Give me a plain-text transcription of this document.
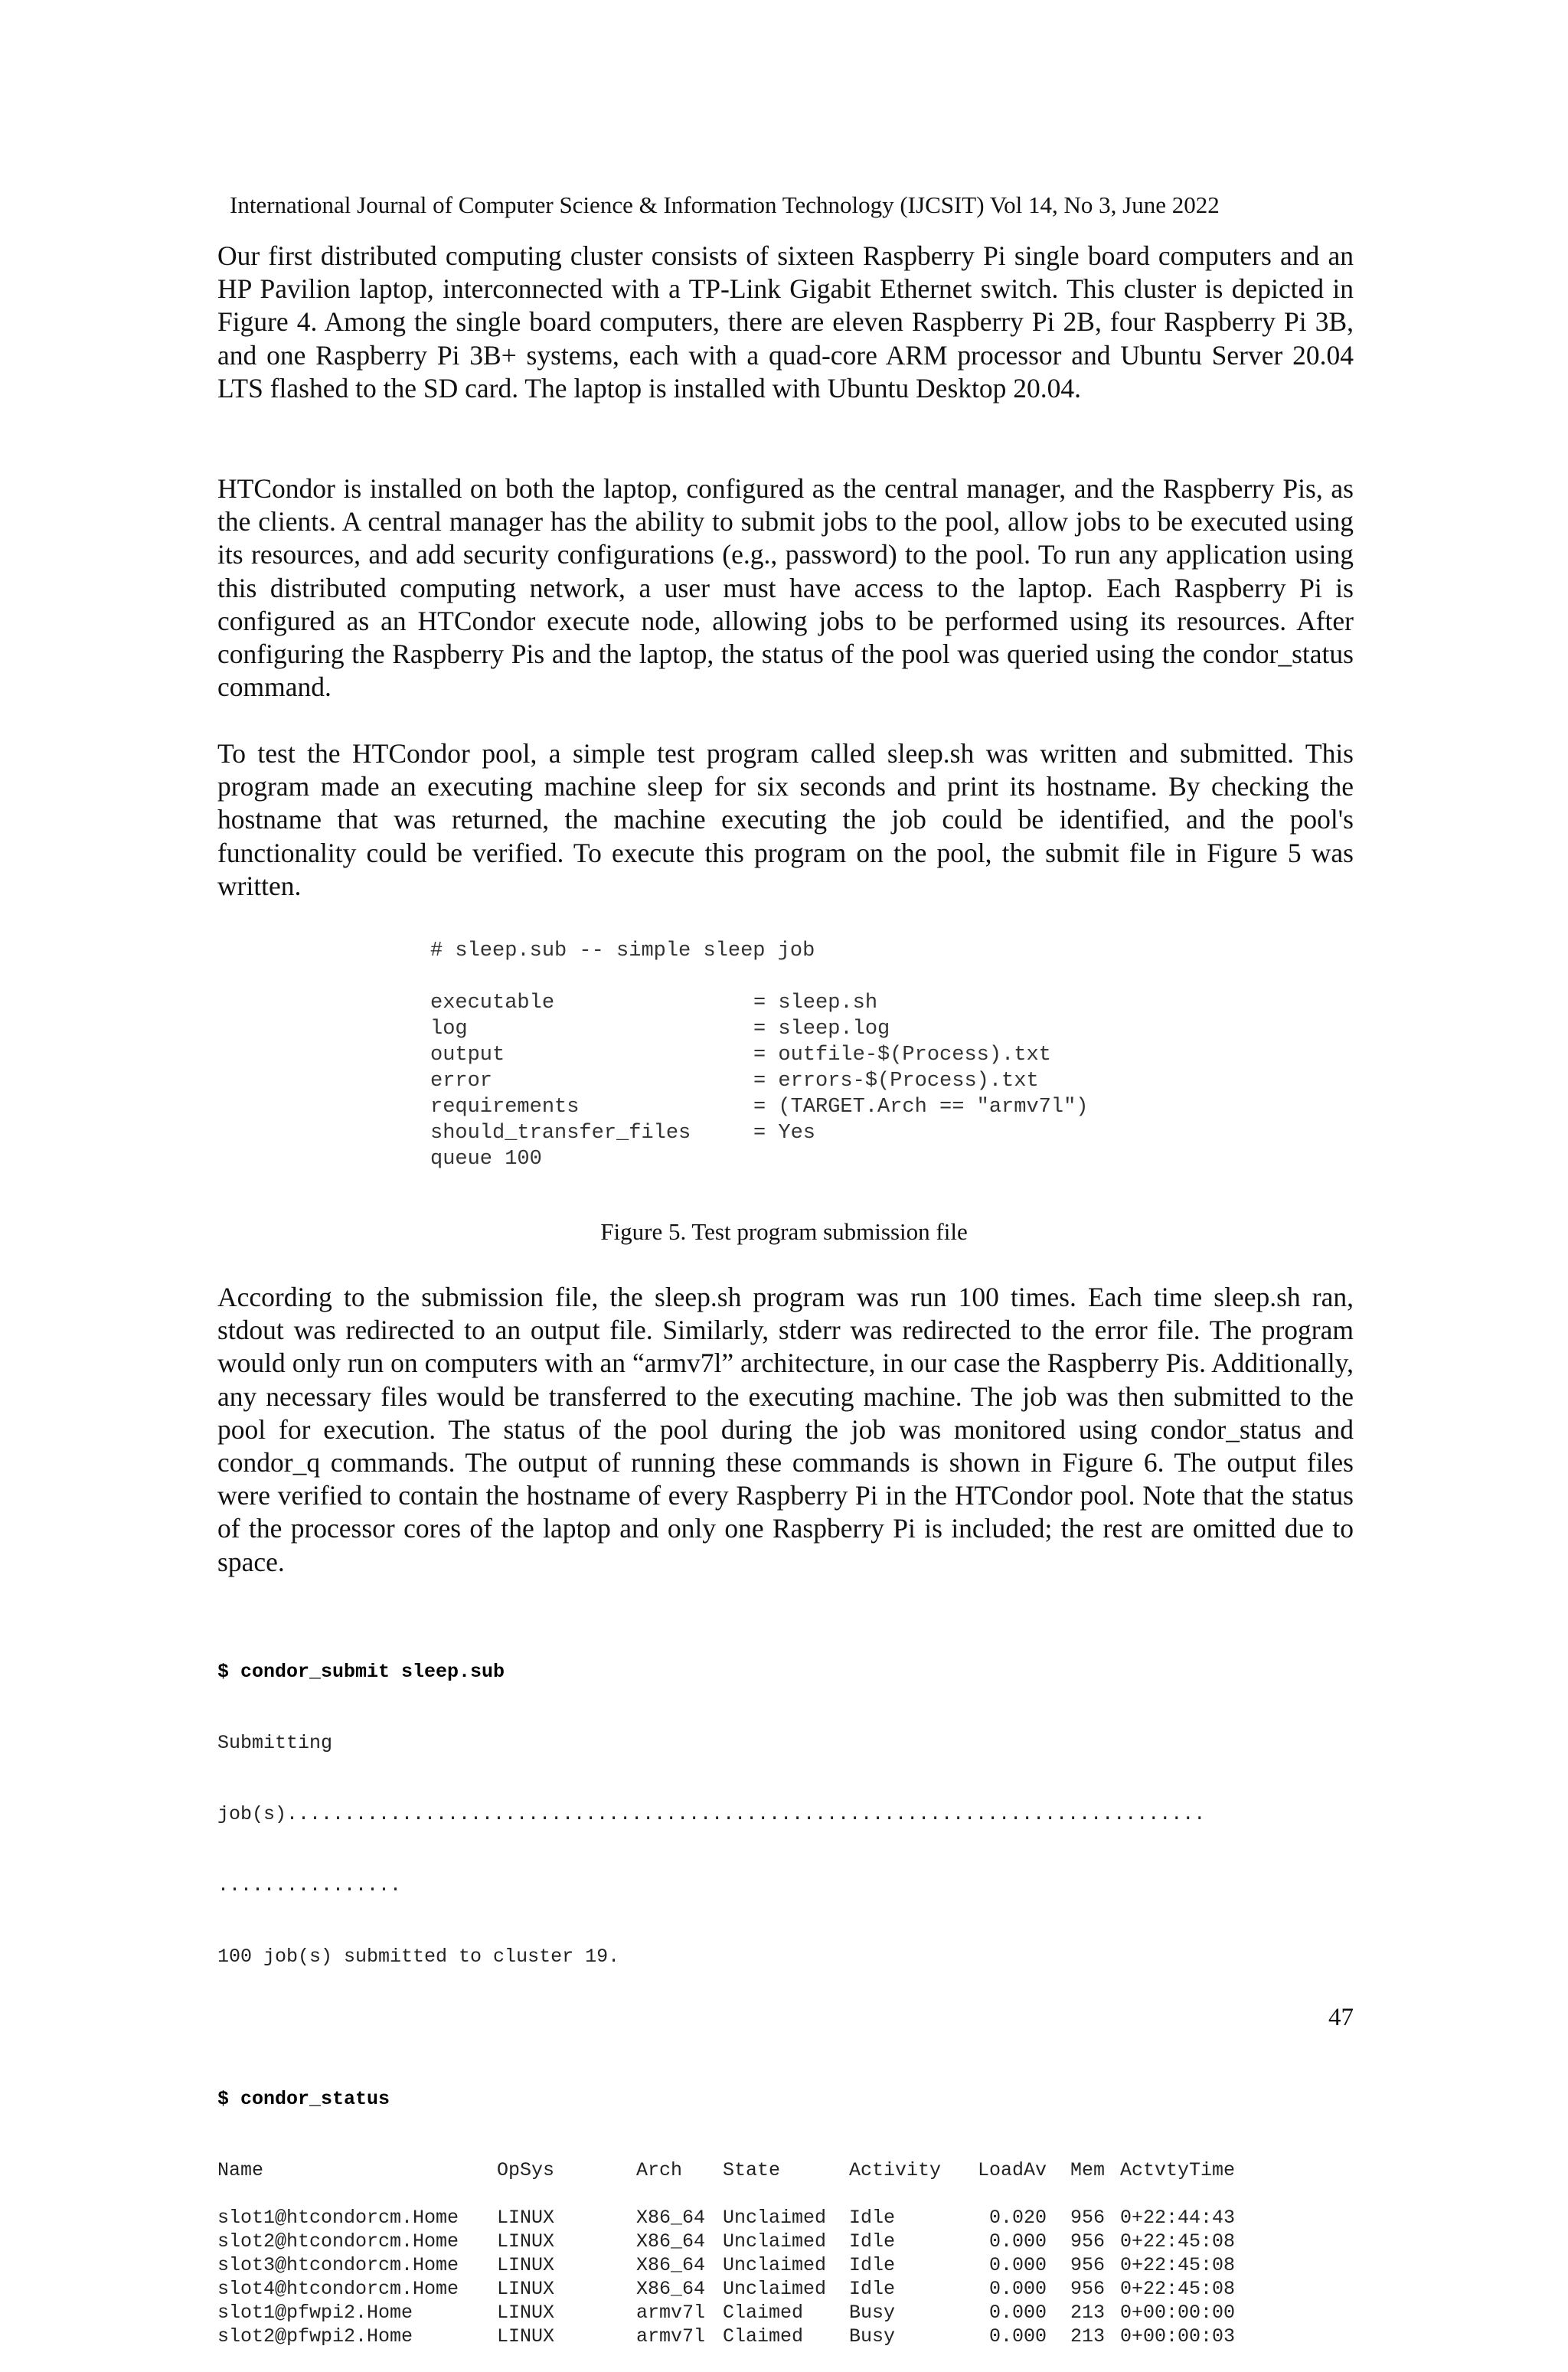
International Journal of Computer Science & Information Technology (IJCSIT) Vol 14, No 3, June 2022

Our first distributed computing cluster consists of sixteen Raspberry Pi single board computers and an HP Pavilion laptop, interconnected with a TP-Link Gigabit Ethernet switch. This cluster is depicted in Figure 4. Among the single board computers, there are eleven Raspberry Pi 2B, four Raspberry Pi 3B, and one Raspberry Pi 3B+ systems, each with a quad-core ARM processor and Ubuntu Server 20.04 LTS flashed to the SD card. The laptop is installed with Ubuntu Desktop 20.04.

HTCondor is installed on both the laptop, configured as the central manager, and the Raspberry Pis, as the clients. A central manager has the ability to submit jobs to the pool, allow jobs to be executed using its resources, and add security configurations (e.g., password) to the pool. To run any application using this distributed computing network, a user must have access to the laptop. Each Raspberry Pi is configured as an HTCondor execute node, allowing jobs to be performed using its resources. After configuring the Raspberry Pis and the laptop, the status of the pool was queried using the condor_status command.

To test the HTCondor pool, a simple test program called sleep.sh was written and submitted. This program made an executing machine sleep for six seconds and print its hostname. By checking the hostname that was returned, the machine executing the job could be identified, and the pool's functionality could be verified. To execute this program on the pool, the submit file in Figure 5 was written.

# sleep.sub -- simple sleep job
executable	= sleep.sh
log	= sleep.log
output	= outfile-$(Process).txt
error	= errors-$(Process).txt
requirements	= (TARGET.Arch == "armv7l")
should_transfer_files	= Yes
queue 100
Figure 5. Test program submission file

According to the submission file, the sleep.sh program was run 100 times. Each time sleep.sh ran, stdout was redirected to an output file. Similarly, stderr was redirected to the error file. The program would only run on computers with an “armv7l” architecture, in our case the Raspberry Pis. Additionally, any necessary files would be transferred to the executing machine. The job was then submitted to the pool for execution. The status of the pool during the job was monitored using condor_status and condor_q commands. The output of running these commands is shown in Figure 6. The output files were verified to contain the hostname of every Raspberry Pi in the HTCondor pool. Note that the status of the processor cores of the laptop and only one Raspberry Pi is included; the rest are omitted due to space.

$ condor_submit sleep.sub

Submitting

job(s)................................................................................

................

100 job(s) submitted to cluster 19.

$ condor_status

Name	OpSys	Arch	State	Activity	LoadAv	Mem	ActvtyTime

slot1@htcondorcm.Home	LINUX	X86_64	Unclaimed	Idle	0.020	956	0+22:44:43
slot2@htcondorcm.Home	LINUX	X86_64	Unclaimed	Idle	0.000	956	0+22:45:08
slot3@htcondorcm.Home	LINUX	X86_64	Unclaimed	Idle	0.000	956	0+22:45:08
slot4@htcondorcm.Home	LINUX	X86_64	Unclaimed	Idle	0.000	956	0+22:45:08
slot1@pfwpi2.Home	LINUX	armv7l	Claimed	Busy	0.000	213	0+00:00:00
slot2@pfwpi2.Home	LINUX	armv7l	Claimed	Busy	0.000	213	0+00:00:03

47
